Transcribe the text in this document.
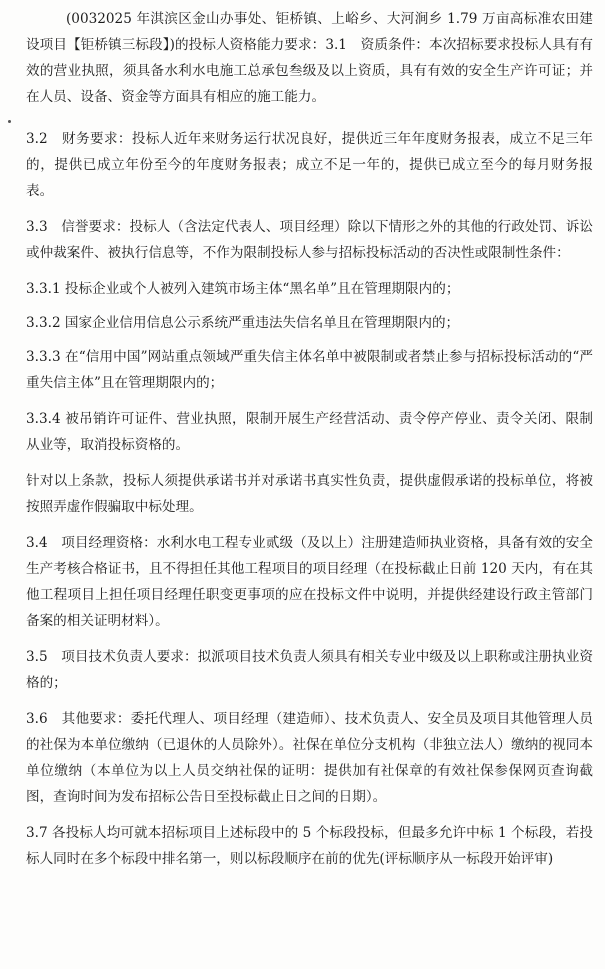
(0032025 年淇滨区金山办事处、钜桥镇、上峪乡、大河涧乡 1.79 万亩高标准农田建设项目【钜桥镇三标段】)的投标人资格能力要求：3.1　资质条件：本次招标要求投标人具有有效的营业执照，须具备水利水电施工总承包叁级及以上资质，具有有效的安全生产许可证；并在人员、设备、资金等方面具有相应的施工能力。

3.2　财务要求：投标人近年来财务运行状况良好，提供近三年年度财务报表，成立不足三年的，提供已成立年份至今的年度财务报表；成立不足一年的，提供已成立至今的每月财务报表。

3.3　信誉要求：投标人（含法定代表人、项目经理）除以下情形之外的其他的行政处罚、诉讼或仲裁案件、被执行信息等，不作为限制投标人参与招标投标活动的否决性或限制性条件：

3.3.1 投标企业或个人被列入建筑市场主体“黑名单”且在管理期限内的；

3.3.2 国家企业信用信息公示系统严重违法失信名单且在管理期限内的；

3.3.3 在“信用中国”网站重点领域严重失信主体名单中被限制或者禁止参与招标投标活动的“严重失信主体”且在管理期限内的；

3.3.4 被吊销许可证件、营业执照，限制开展生产经营活动、责令停产停业、责令关闭、限制从业等，取消投标资格的。

针对以上条款，投标人须提供承诺书并对承诺书真实性负责，提供虚假承诺的投标单位，将被按照弄虚作假骗取中标处理。

3.4　项目经理资格：水利水电工程专业贰级（及以上）注册建造师执业资格，具备有效的安全生产考核合格证书，且不得担任其他工程项目的项目经理（在投标截止日前 120 天内，有在其他工程项目上担任项目经理任职变更事项的应在投标文件中说明，并提供经建设行政主管部门备案的相关证明材料）。

3.5　项目技术负责人要求：拟派项目技术负责人须具有相关专业中级及以上职称或注册执业资格的；

3.6　其他要求：委托代理人、项目经理（建造师）、技术负责人、安全员及项目其他管理人员的社保为本单位缴纳（已退休的人员除外）。社保在单位分支机构（非独立法人）缴纳的视同本单位缴纳（本单位为以上人员交纳社保的证明：提供加有社保章的有效社保参保网页查询截图，查询时间为发布招标公告日至投标截止日之间的日期）。

3.7 各投标人均可就本招标项目上述标段中的 5 个标段投标，但最多允许中标 1 个标段，若投标人同时在多个标段中排名第一，则以标段顺序在前的优先(评标顺序从一标段开始评审)
